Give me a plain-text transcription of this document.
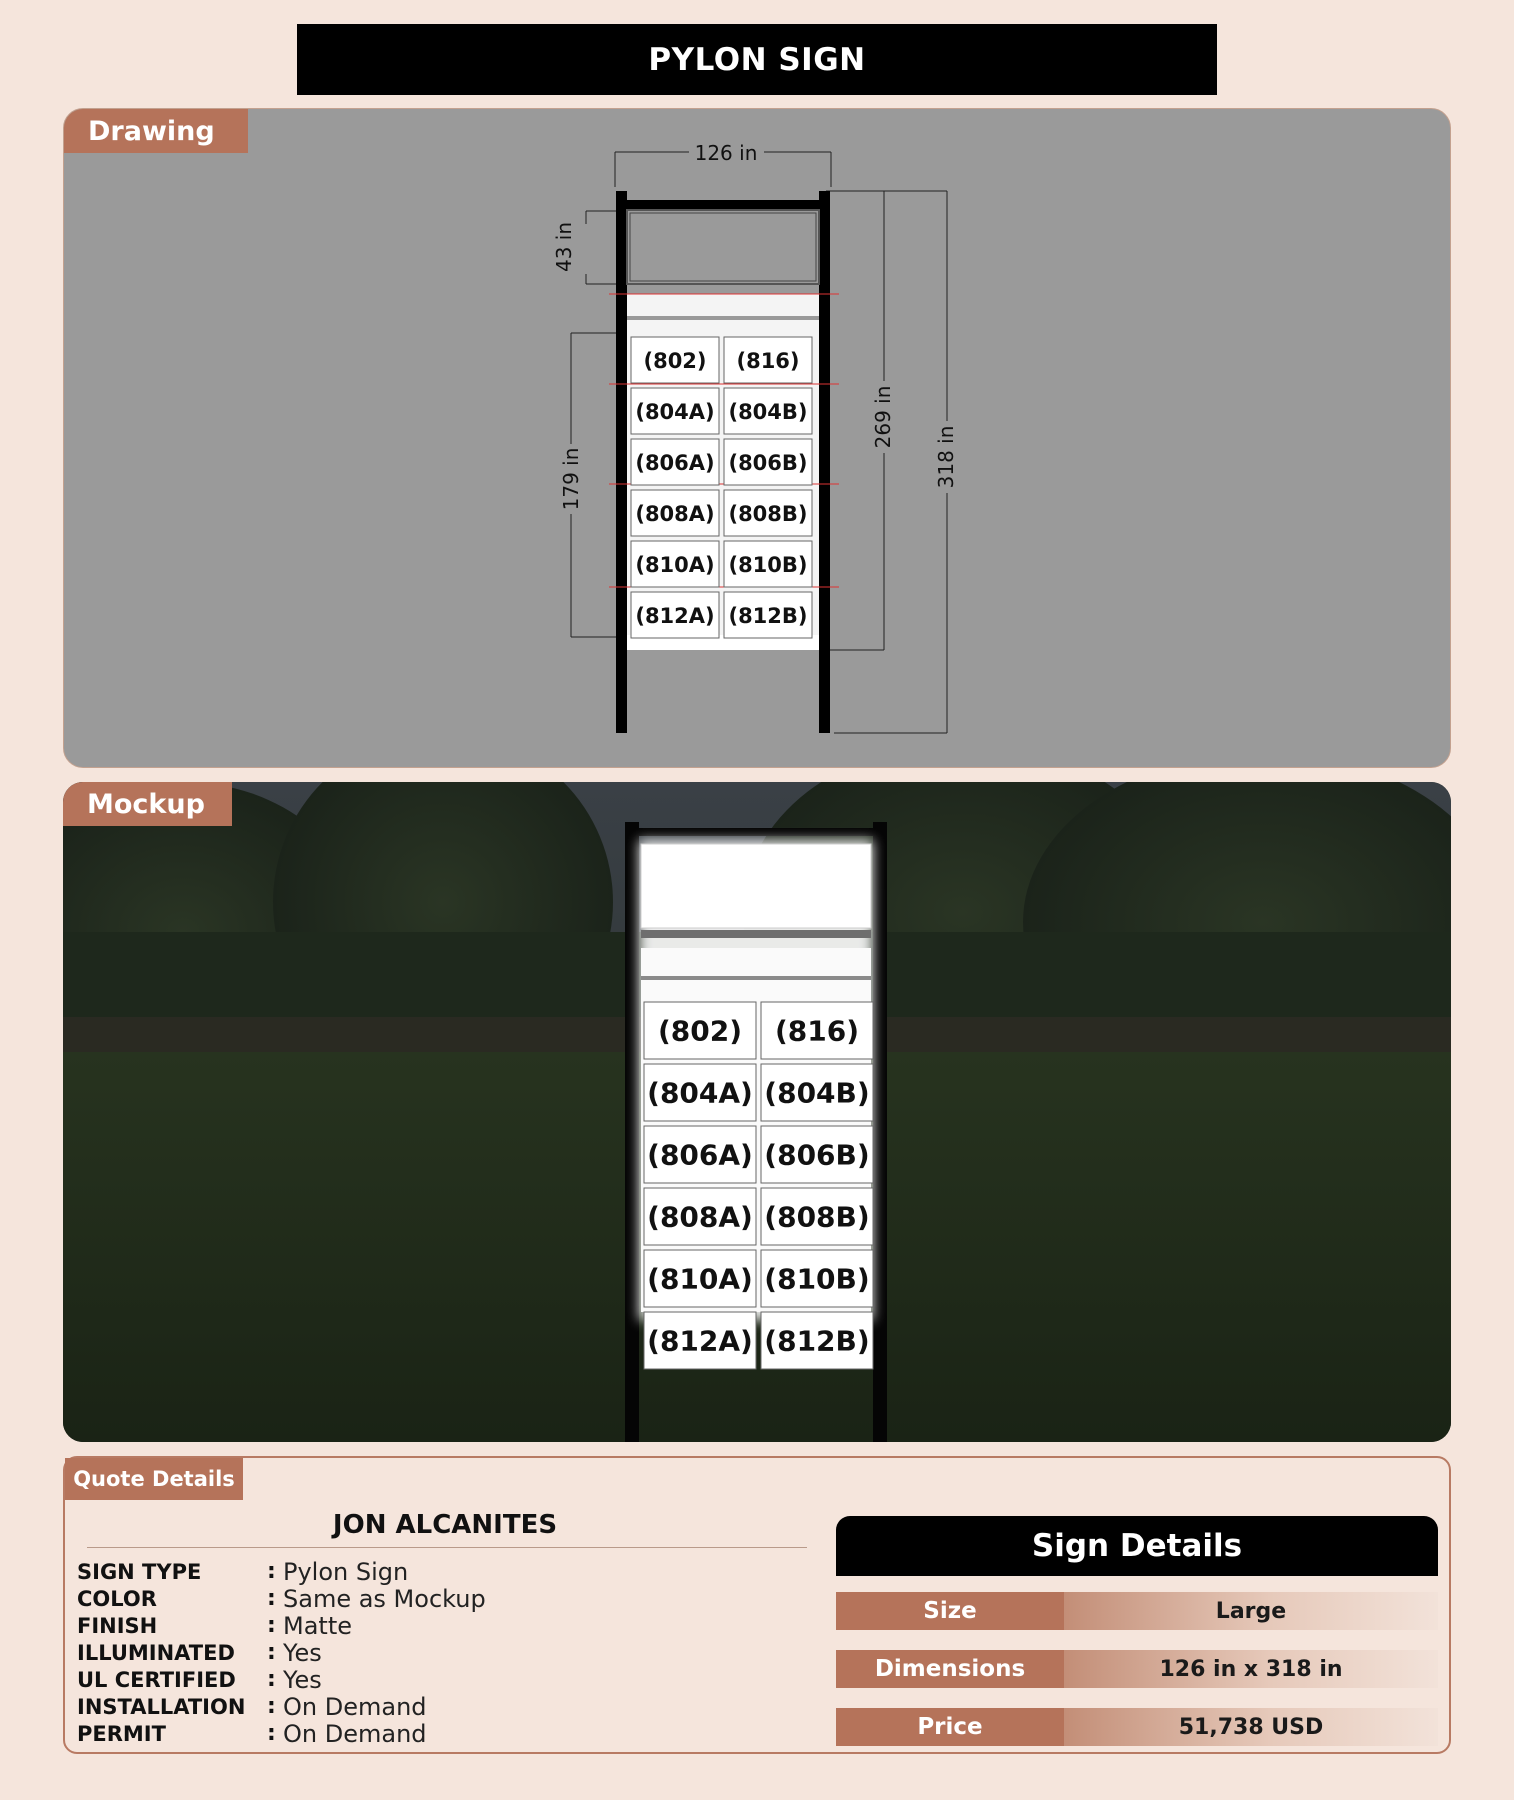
PYLON SIGN
126 in
43 in
179 in
269 in
318 in
(802) (816)
(804A) (804B)
(806A) (806B)
(808A) (808B)
(810A) (810B)
(812A) (812B)
Drawing
(802) (816)
(804A) (804B)
(806A) (806B)
(808A) (808B)
(810A) (810B)
(812A) (812B)
Mockup
Quote Details
JON ALCANITES
SIGN TYPE	: Pylon Sign
COLOR	: Same as Mockup
FINISH	: Matte
ILLUMINATED	: Yes
UL CERTIFIED	: Yes
INSTALLATION : On Demand
PERMIT	: On Demand
Sign Details
Size	Large
Dimensions	126 in x 318 in
Price	51,738 USD
